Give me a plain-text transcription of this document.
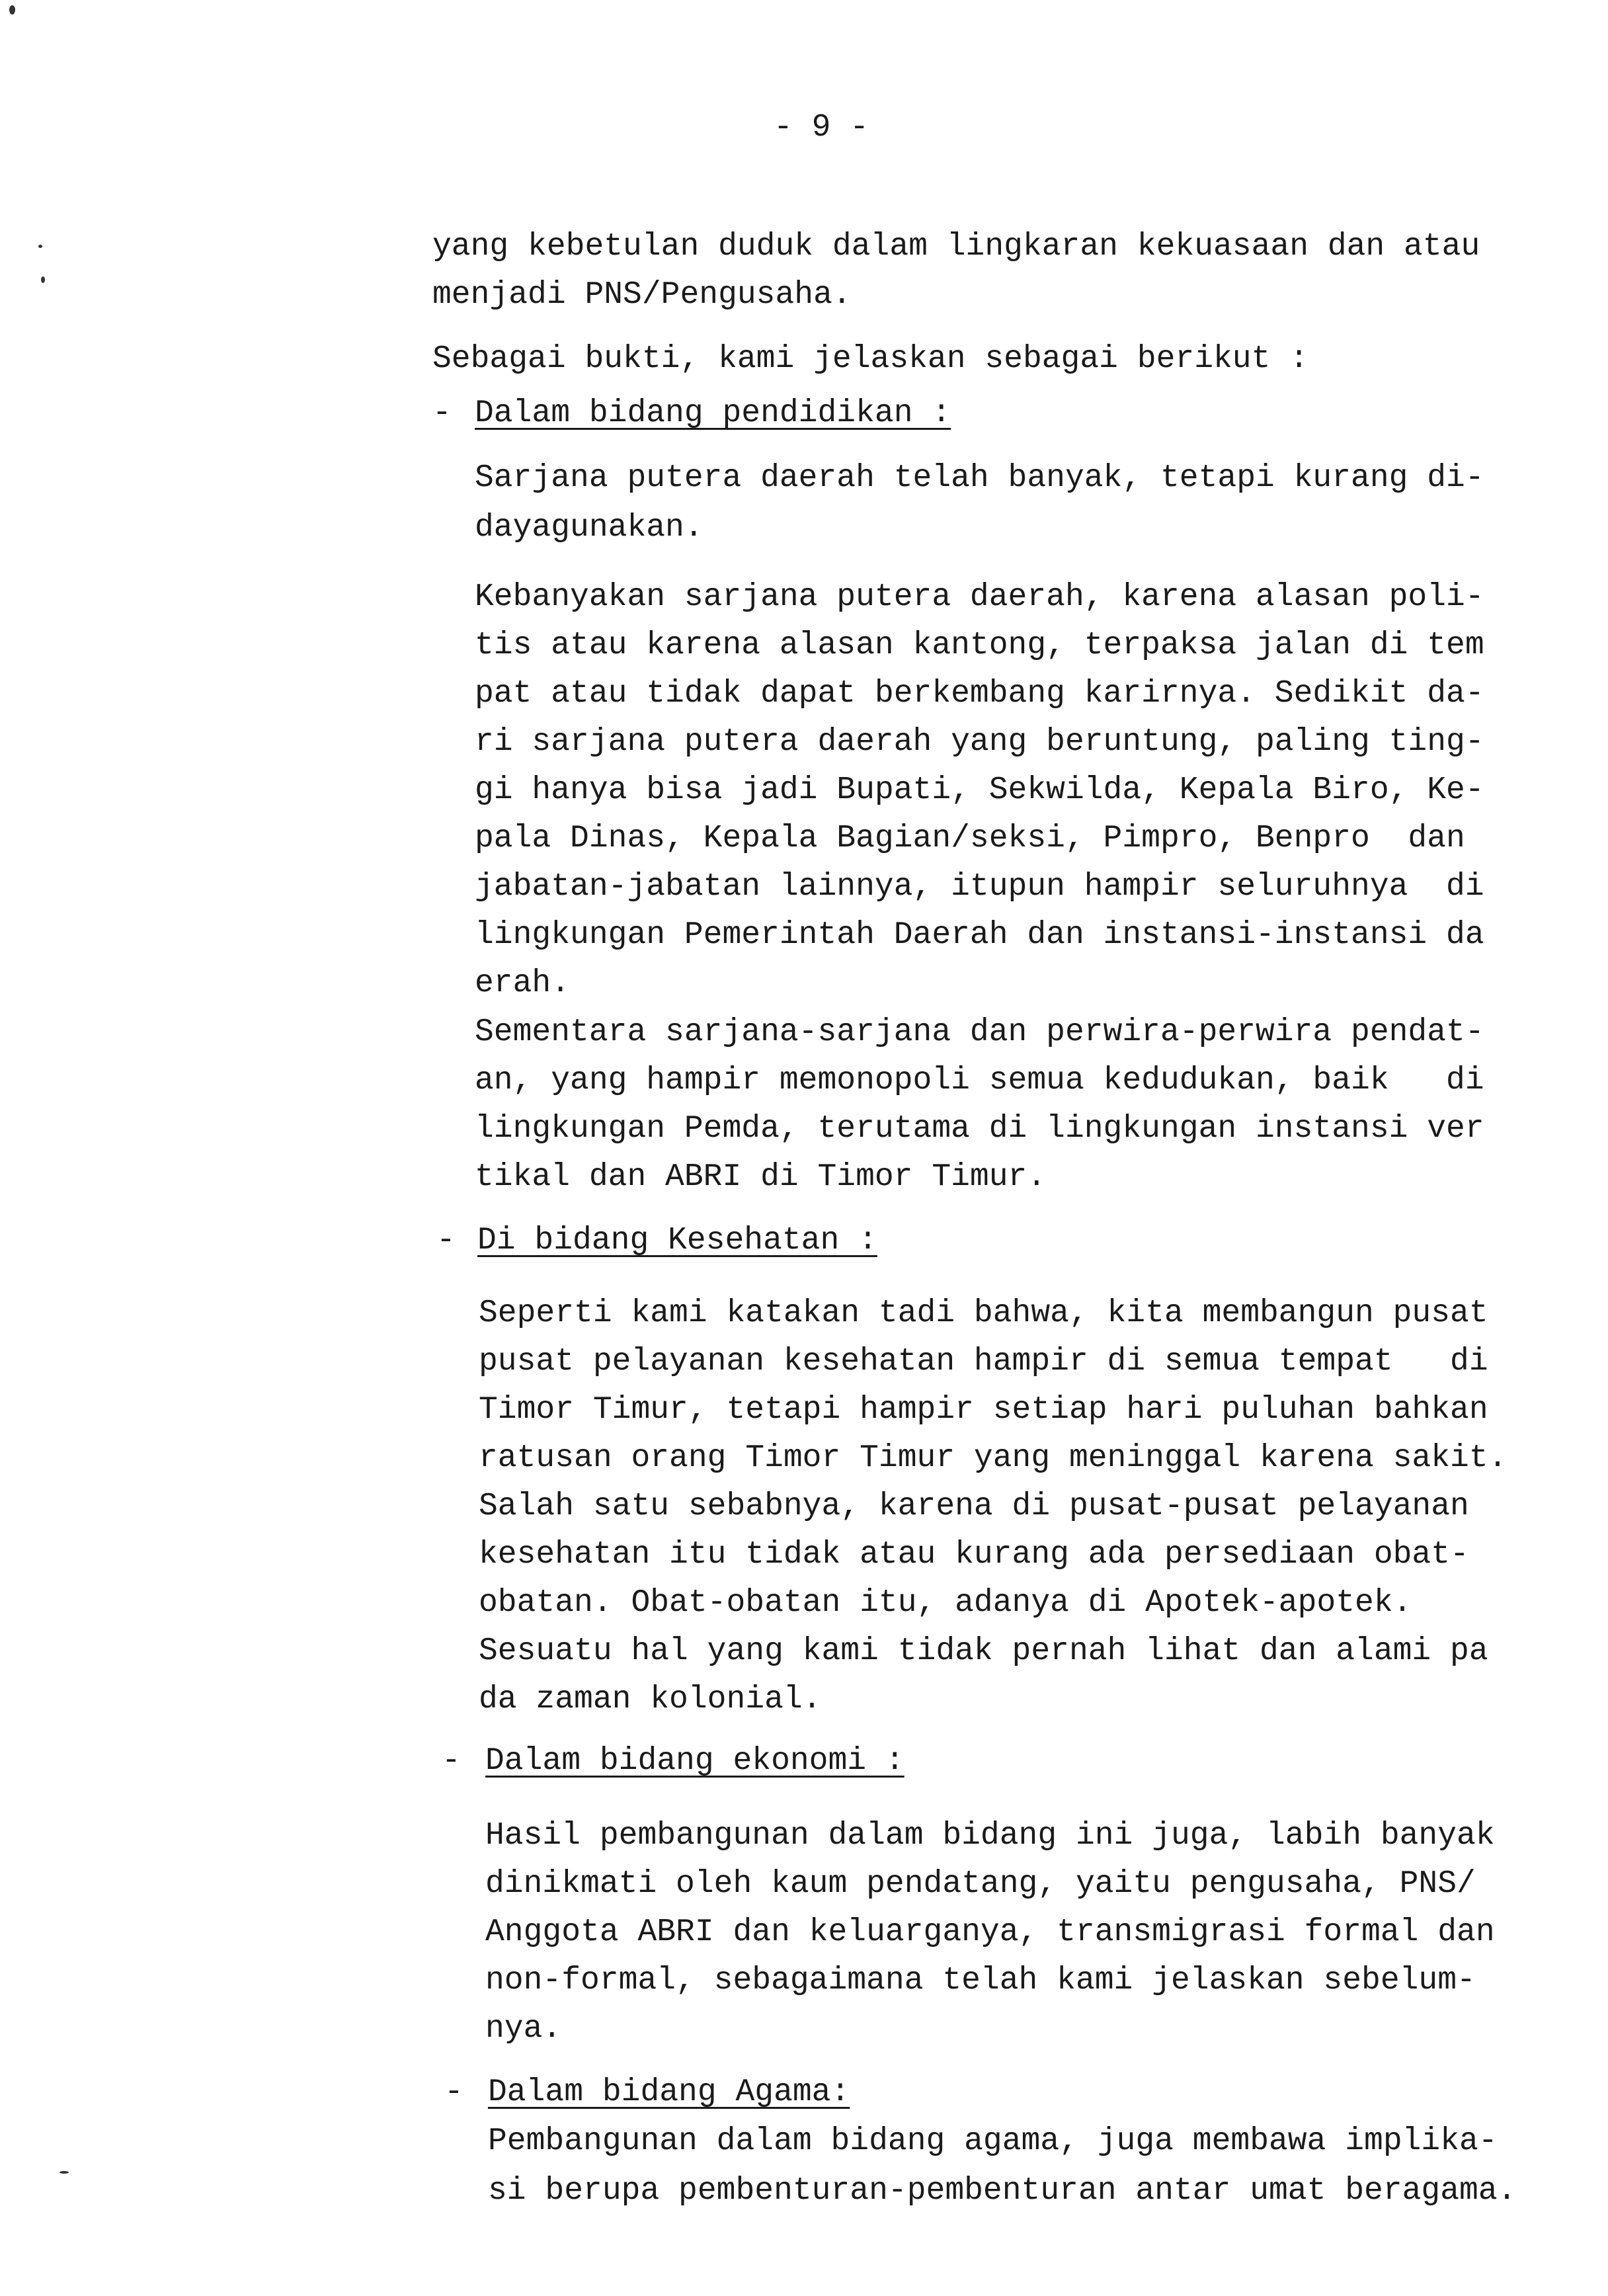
- 9 -
yang kebetulan duduk dalam lingkaran kekuasaan dan atau
menjadi PNS/Pengusaha.
Sebagai bukti, kami jelaskan sebagai berikut :
- Dalam bidang pendidikan :
Sarjana putera daerah telah banyak, tetapi kurang di-
dayagunakan.
Kebanyakan sarjana putera daerah, karena alasan poli-
tis atau karena alasan kantong, terpaksa jalan di tem
pat atau tidak dapat berkembang karirnya. Sedikit da-
ri sarjana putera daerah yang beruntung, paling ting-
gi hanya bisa jadi Bupati, Sekwilda, Kepala Biro, Ke-
pala Dinas, Kepala Bagian/seksi, Pimpro, Benpro  dan
jabatan-jabatan lainnya, itupun hampir seluruhnya  di
lingkungan Pemerintah Daerah dan instansi-instansi da
erah.
Sementara sarjana-sarjana dan perwira-perwira pendat-
an, yang hampir memonopoli semua kedudukan, baik   di
lingkungan Pemda, terutama di lingkungan instansi ver
tikal dan ABRI di Timor Timur.
- Di bidang Kesehatan :
Seperti kami katakan tadi bahwa, kita membangun pusat
pusat pelayanan kesehatan hampir di semua tempat   di
Timor Timur, tetapi hampir setiap hari puluhan bahkan
ratusan orang Timor Timur yang meninggal karena sakit.
Salah satu sebabnya, karena di pusat-pusat pelayanan
kesehatan itu tidak atau kurang ada persediaan obat-
obatan. Obat-obatan itu, adanya di Apotek-apotek.
Sesuatu hal yang kami tidak pernah lihat dan alami pa
da zaman kolonial.
- Dalam bidang ekonomi :
Hasil pembangunan dalam bidang ini juga, labih banyak
dinikmati oleh kaum pendatang, yaitu pengusaha, PNS/
Anggota ABRI dan keluarganya, transmigrasi formal dan
non-formal, sebagaimana telah kami jelaskan sebelum-
nya.
- Dalam bidang Agama:
Pembangunan dalam bidang agama, juga membawa implika-
si berupa pembenturan-pembenturan antar umat beragama.
